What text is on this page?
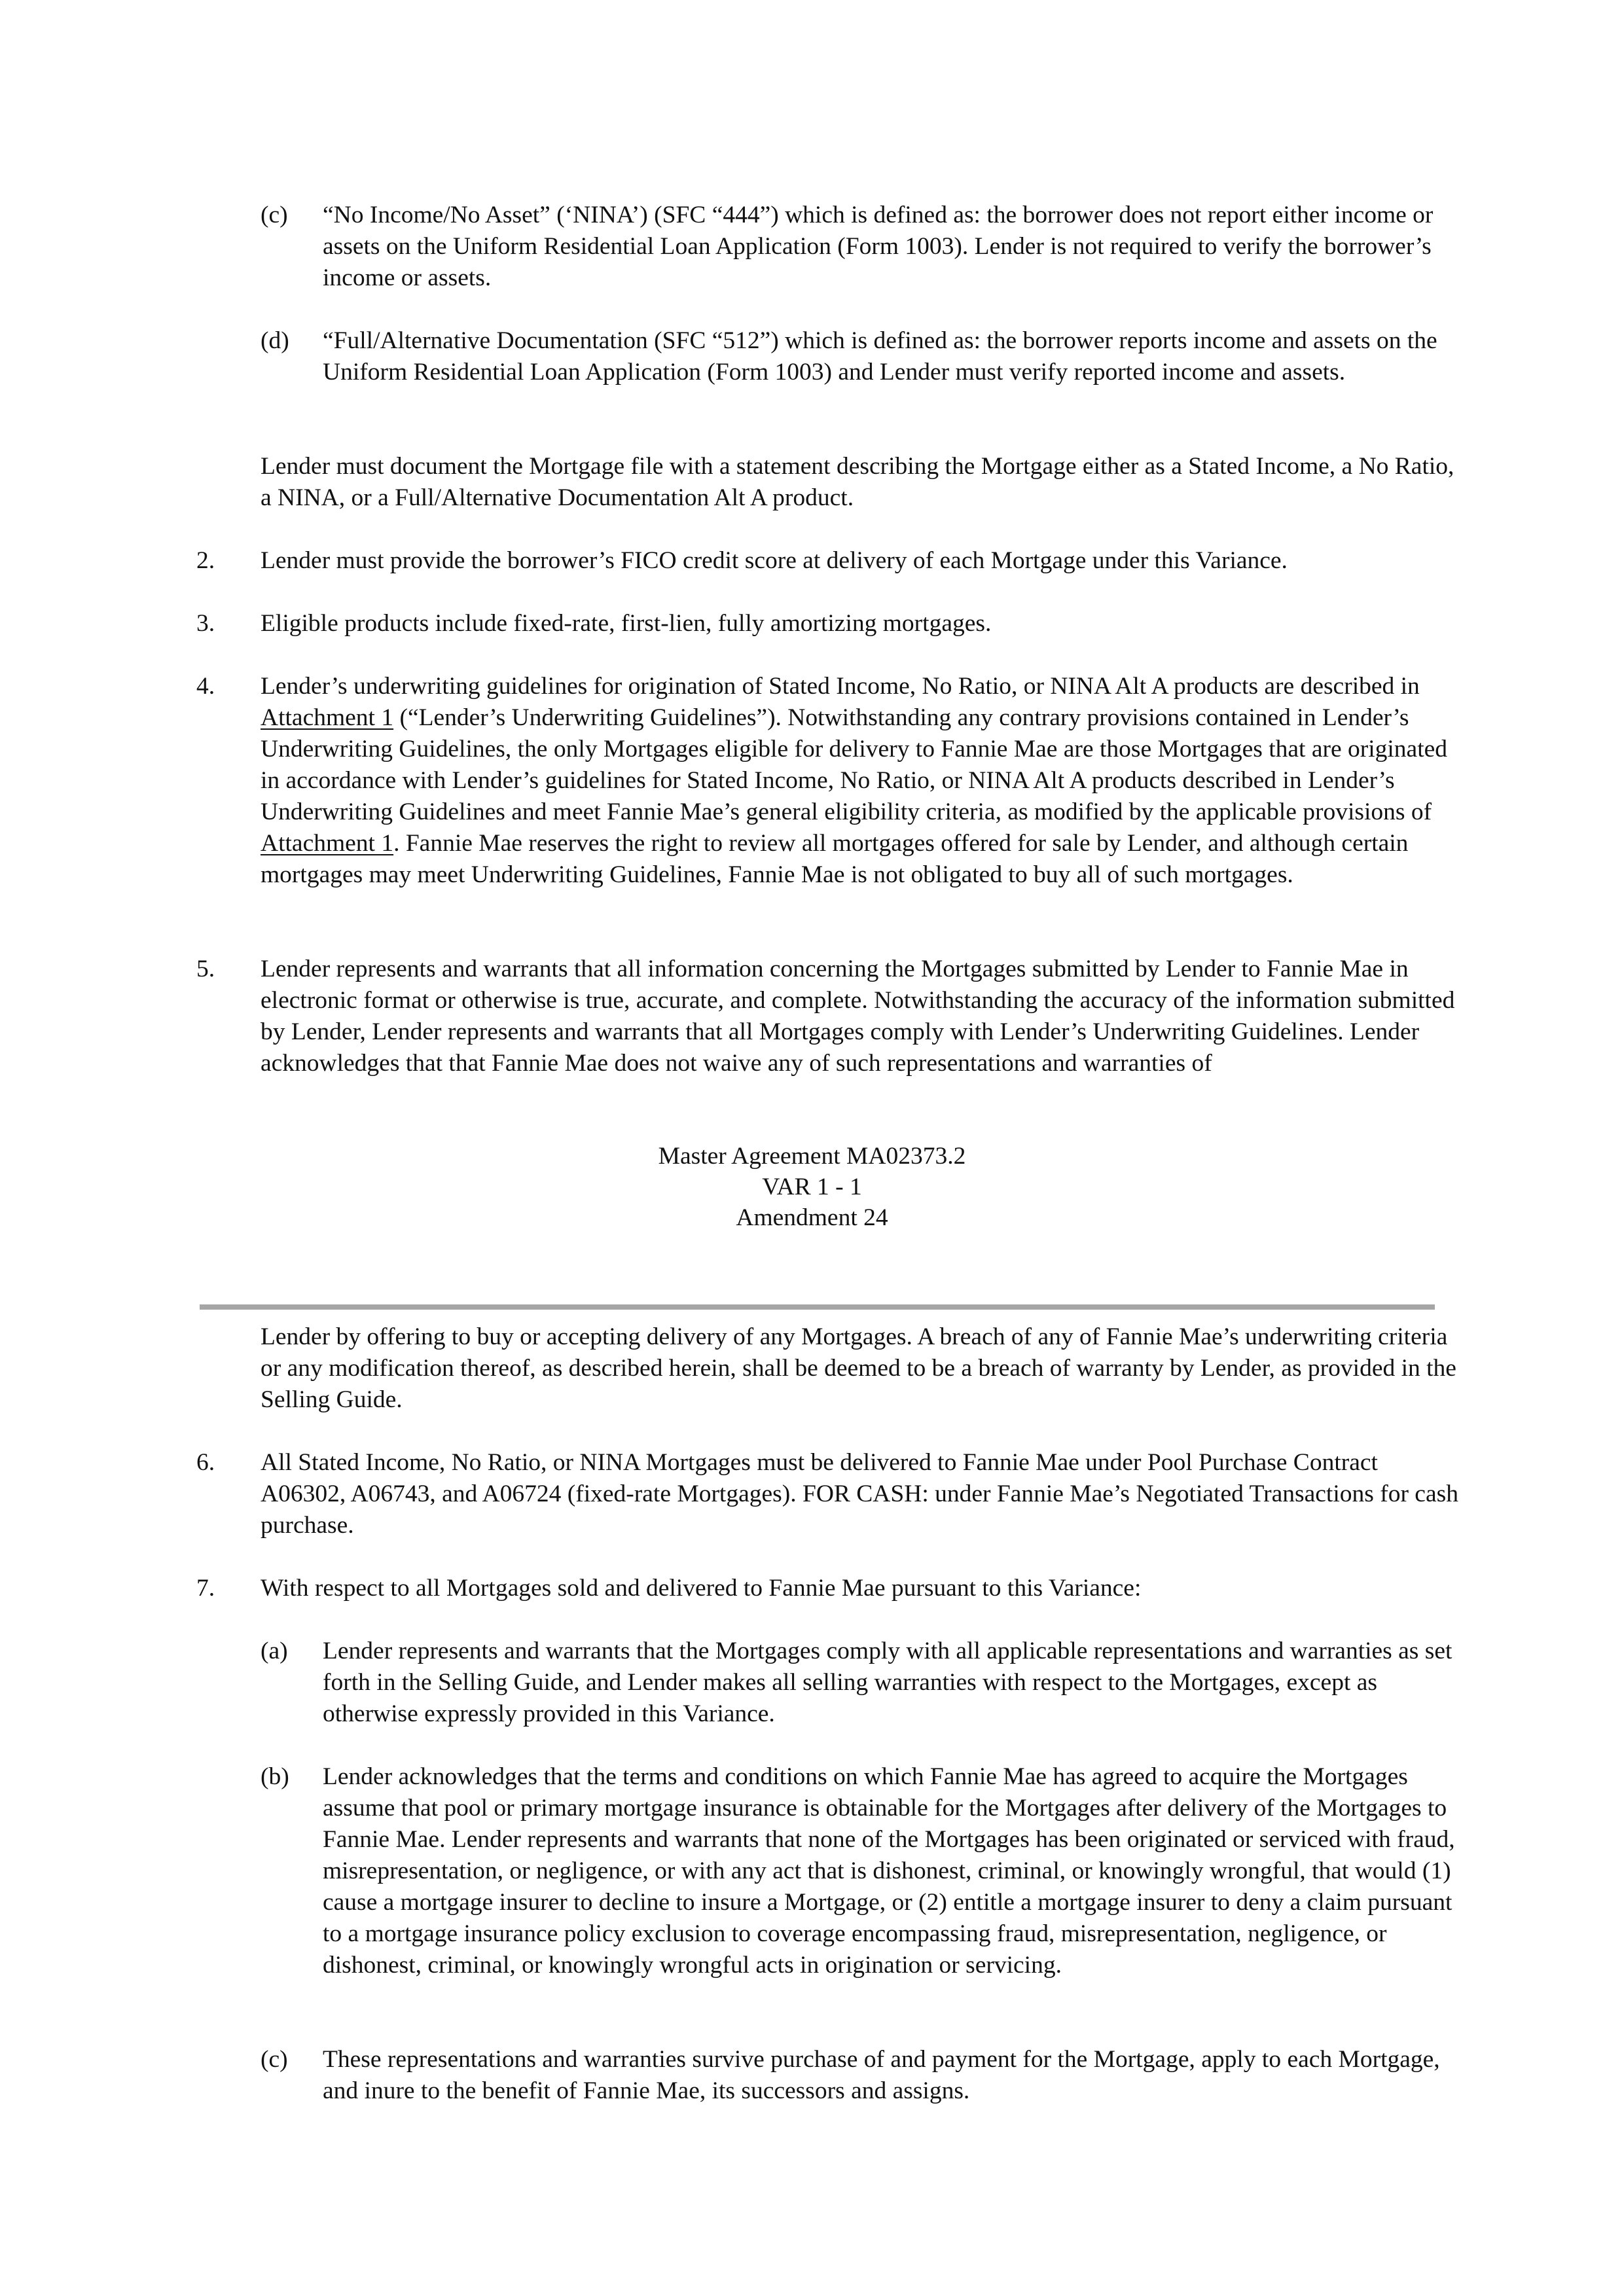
(c) “No Income/No Asset” (‘NINA’) (SFC “444”) which is defined as: the borrower does not report either income or assets on the Uniform Residential Loan Application (Form 1003). Lender is not required to verify the borrower’s income or assets.

(d) “Full/Alternative Documentation (SFC “512”) which is defined as: the borrower reports income and assets on the Uniform Residential Loan Application (Form 1003) and Lender must verify reported income and assets.

Lender must document the Mortgage file with a statement describing the Mortgage either as a Stated Income, a No Ratio, a NINA, or a Full/Alternative Documentation Alt A product.

2. Lender must provide the borrower’s FICO credit score at delivery of each Mortgage under this Variance.

3. Eligible products include fixed-rate, first-lien, fully amortizing mortgages.

4. Lender’s underwriting guidelines for origination of Stated Income, No Ratio, or NINA Alt A products are described in Attachment 1 (“Lender’s Underwriting Guidelines”). Notwithstanding any contrary provisions contained in Lender’s Underwriting Guidelines, the only Mortgages eligible for delivery to Fannie Mae are those Mortgages that are originated in accordance with Lender’s guidelines for Stated Income, No Ratio, or NINA Alt A products described in Lender’s Underwriting Guidelines and meet Fannie Mae’s general eligibility criteria, as modified by the applicable provisions of Attachment 1. Fannie Mae reserves the right to review all mortgages offered for sale by Lender, and although certain mortgages may meet Underwriting Guidelines, Fannie Mae is not obligated to buy all of such mortgages.

5. Lender represents and warrants that all information concerning the Mortgages submitted by Lender to Fannie Mae in electronic format or otherwise is true, accurate, and complete. Notwithstanding the accuracy of the information submitted by Lender, Lender represents and warrants that all Mortgages comply with Lender’s Underwriting Guidelines. Lender acknowledges that that Fannie Mae does not waive any of such representations and warranties of

Master Agreement MA02373.2
VAR 1 - 1
Amendment 24

Lender by offering to buy or accepting delivery of any Mortgages. A breach of any of Fannie Mae’s underwriting criteria or any modification thereof, as described herein, shall be deemed to be a breach of warranty by Lender, as provided in the Selling Guide.

6. All Stated Income, No Ratio, or NINA Mortgages must be delivered to Fannie Mae under Pool Purchase Contract A06302, A06743, and A06724 (fixed-rate Mortgages). FOR CASH: under Fannie Mae’s Negotiated Transactions for cash purchase.

7. With respect to all Mortgages sold and delivered to Fannie Mae pursuant to this Variance:

(a) Lender represents and warrants that the Mortgages comply with all applicable representations and warranties as set forth in the Selling Guide, and Lender makes all selling warranties with respect to the Mortgages, except as otherwise expressly provided in this Variance.

(b) Lender acknowledges that the terms and conditions on which Fannie Mae has agreed to acquire the Mortgages assume that pool or primary mortgage insurance is obtainable for the Mortgages after delivery of the Mortgages to Fannie Mae. Lender represents and warrants that none of the Mortgages has been originated or serviced with fraud, misrepresentation, or negligence, or with any act that is dishonest, criminal, or knowingly wrongful, that would (1) cause a mortgage insurer to decline to insure a Mortgage, or (2) entitle a mortgage insurer to deny a claim pursuant to a mortgage insurance policy exclusion to coverage encompassing fraud, misrepresentation, negligence, or dishonest, criminal, or knowingly wrongful acts in origination or servicing.

(c) These representations and warranties survive purchase of and payment for the Mortgage, apply to each Mortgage, and inure to the benefit of Fannie Mae, its successors and assigns.
